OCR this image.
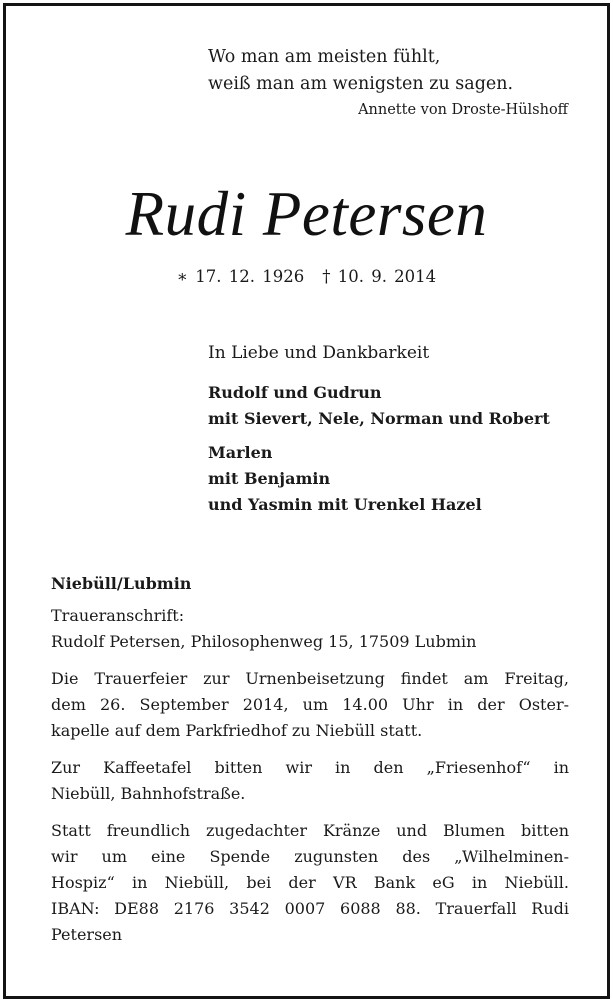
Wo man am meisten fühlt,
weiß man am wenigsten zu sagen.
Annette von Droste-Hülshoff
Rudi Petersen
∗ 17. 12. 1926 † 10. 9. 2014
In Liebe und Dankbarkeit
Rudolf und Gudrun
mit Sievert, Nele, Norman und Robert
Marlen
mit Benjamin
und Yasmin mit Urenkel Hazel
Niebüll/Lubmin
Traueranschrift:
Rudolf Petersen, Philosophenweg 15, 17509 Lubmin
Die Trauerfeier zur Urnenbeisetzung findet am Freitag,
dem 26. September 2014, um 14.00 Uhr in der Oster-
kapelle auf dem Parkfriedhof zu Niebüll statt.
Zur Kaffeetafel bitten wir in den „Friesenhof“ in
Niebüll, Bahnhofstraße.
Statt freundlich zugedachter Kränze und Blumen bitten
wir um eine Spende zugunsten des „Wilhelminen-
Hospiz“ in Niebüll, bei der VR Bank eG in Niebüll.
IBAN: DE88 2176 3542 0007 6088 88. Trauerfall Rudi
Petersen
